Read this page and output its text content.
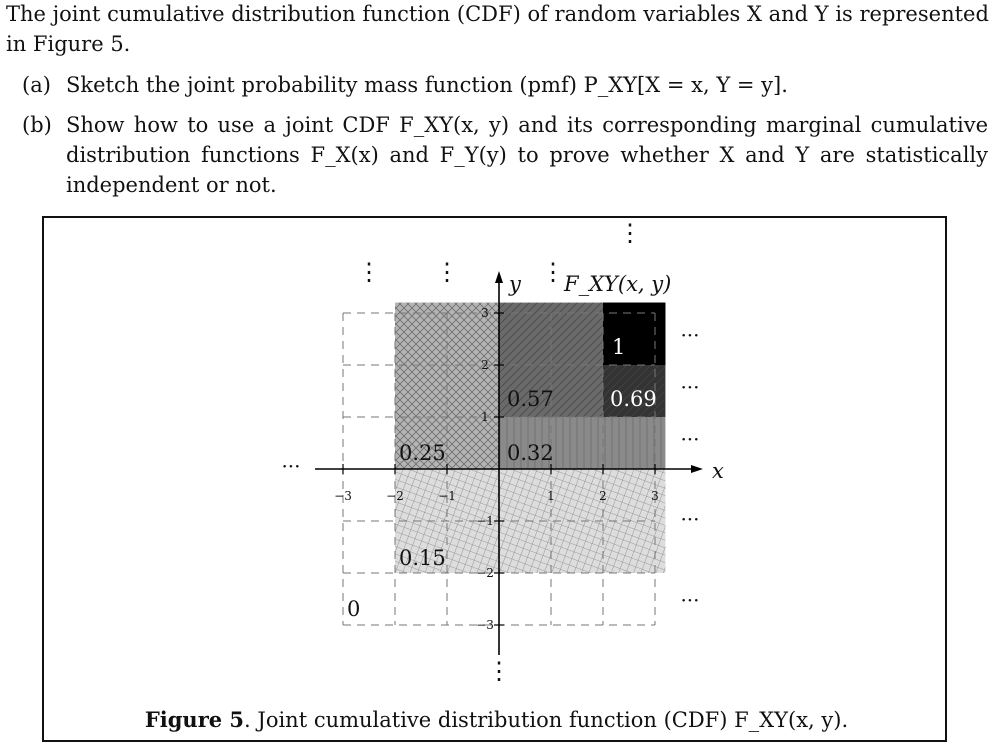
The joint cumulative distribution function (CDF) of random variables X and Y is represented
in Figure 5.
(a) Sketch the joint probability mass function (pmf) P_XY[X = x, Y = y].
(b) Show how to use a joint CDF F_XY(x, y) and its corresponding marginal cumulative
distribution functions F_X(x) and F_Y(y) to prove whether X and Y are statistically
independent or not.
−3	−2	−1	1	2	3
3
2
1
−1
−2
−3
⋮
⋮ ⋮	⋮
⋮
···
···
···
···
···
···
y F_XY(x, y)
x
0.25	0.32
0.57	0.69
1
0.15
0
Figure 5. Joint cumulative distribution function (CDF) F_XY(x, y).
